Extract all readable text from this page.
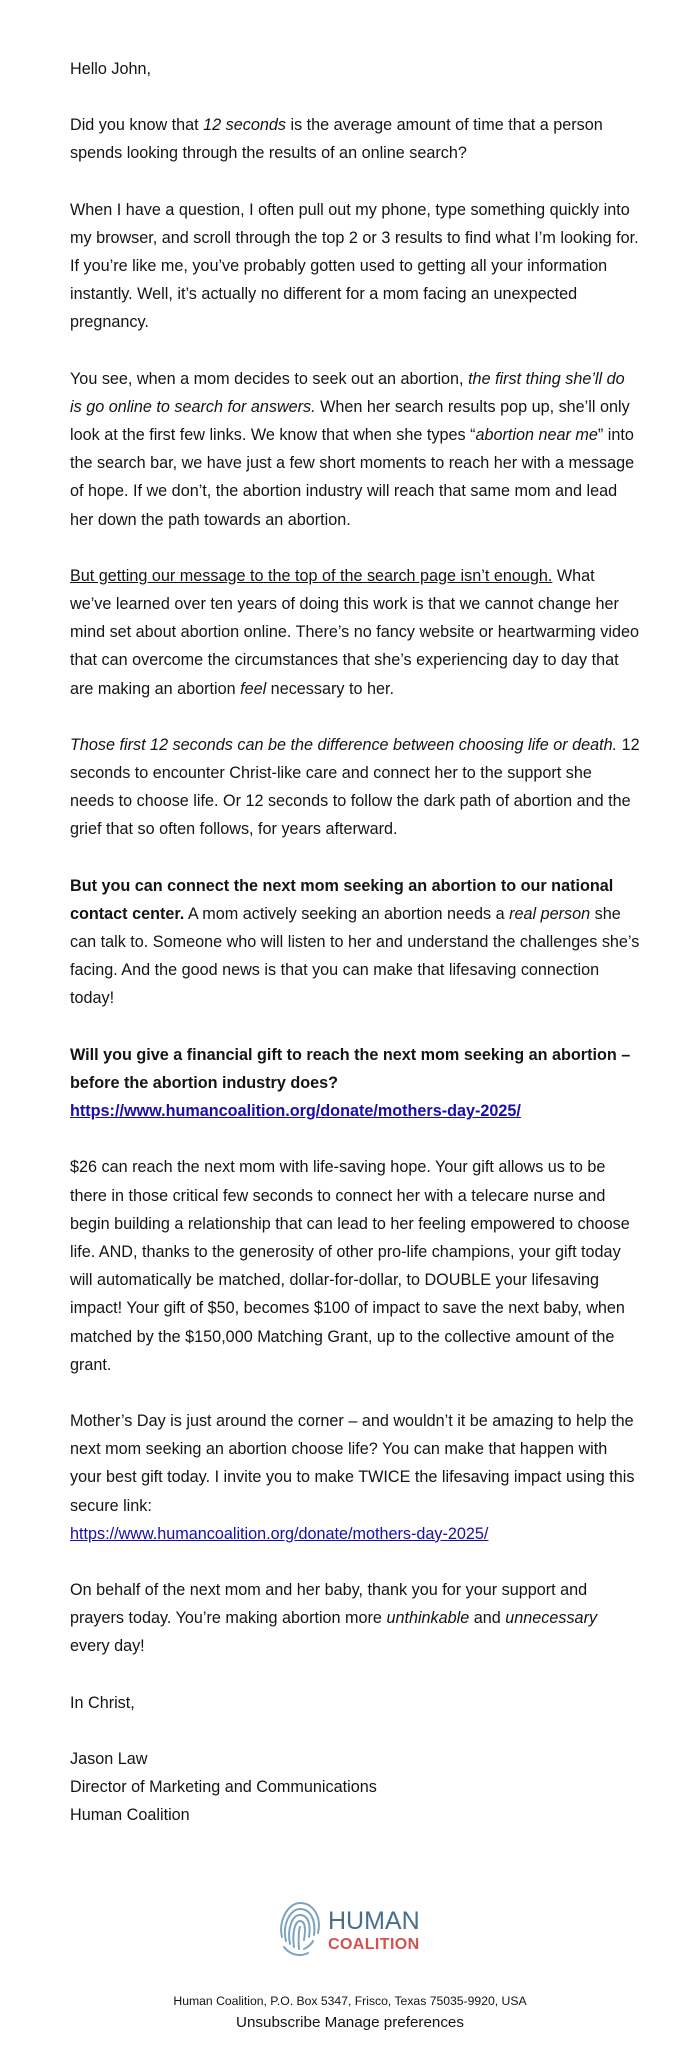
Hello John,

Did you know that 12 seconds is the average amount of time that a person spends looking through the results of an online search?

When I have a question, I often pull out my phone, type something quickly into my browser, and scroll through the top 2 or 3 results to find what I’m looking for. If you’re like me, you’ve probably gotten used to getting all your information instantly. Well, it’s actually no different for a mom facing an unexpected pregnancy.

You see, when a mom decides to seek out an abortion, the first thing she’ll do is go online to search for answers. When her search results pop up, she’ll only look at the first few links. We know that when she types “abortion near me” into the search bar, we have just a few short moments to reach her with a message of hope. If we don’t, the abortion industry will reach that same mom and lead her down the path towards an abortion.

But getting our message to the top of the search page isn’t enough. What we’ve learned over ten years of doing this work is that we cannot change her mind set about abortion online. There’s no fancy website or heartwarming video that can overcome the circumstances that she’s experiencing day to day that are making an abortion feel necessary to her.

Those first 12 seconds can be the difference between choosing life or death. 12 seconds to encounter Christ-like care and connect her to the support she needs to choose life. Or 12 seconds to follow the dark path of abortion and the grief that so often follows, for years afterward.

But you can connect the next mom seeking an abortion to our national contact center. A mom actively seeking an abortion needs a real person she can talk to. Someone who will listen to her and understand the challenges she’s facing. And the good news is that you can make that lifesaving connection today!

Will you give a financial gift to reach the next mom seeking an abortion – before the abortion industry does?
https://www.humancoalition.org/donate/mothers-day-2025/

$26 can reach the next mom with life-saving hope. Your gift allows us to be there in those critical few seconds to connect her with a telecare nurse and begin building a relationship that can lead to her feeling empowered to choose life. AND, thanks to the generosity of other pro-life champions, your gift today will automatically be matched, dollar-for-dollar, to DOUBLE your lifesaving impact! Your gift of $50, becomes $100 of impact to save the next baby, when matched by the $150,000 Matching Grant, up to the collective amount of the grant.

Mother’s Day is just around the corner – and wouldn’t it be amazing to help the next mom seeking an abortion choose life? You can make that happen with your best gift today. I invite you to make TWICE the lifesaving impact using this secure link:
https://www.humancoalition.org/donate/mothers-day-2025/

On behalf of the next mom and her baby, thank you for your support and prayers today. You’re making abortion more unthinkable and unnecessary every day!

In Christ,

Jason Law
Director of Marketing and Communications
Human Coalition

HUMAN
COALITION
Human Coalition, P.O. Box 5347, Frisco, Texas 75035-9920, USA
Unsubscribe Manage preferences
